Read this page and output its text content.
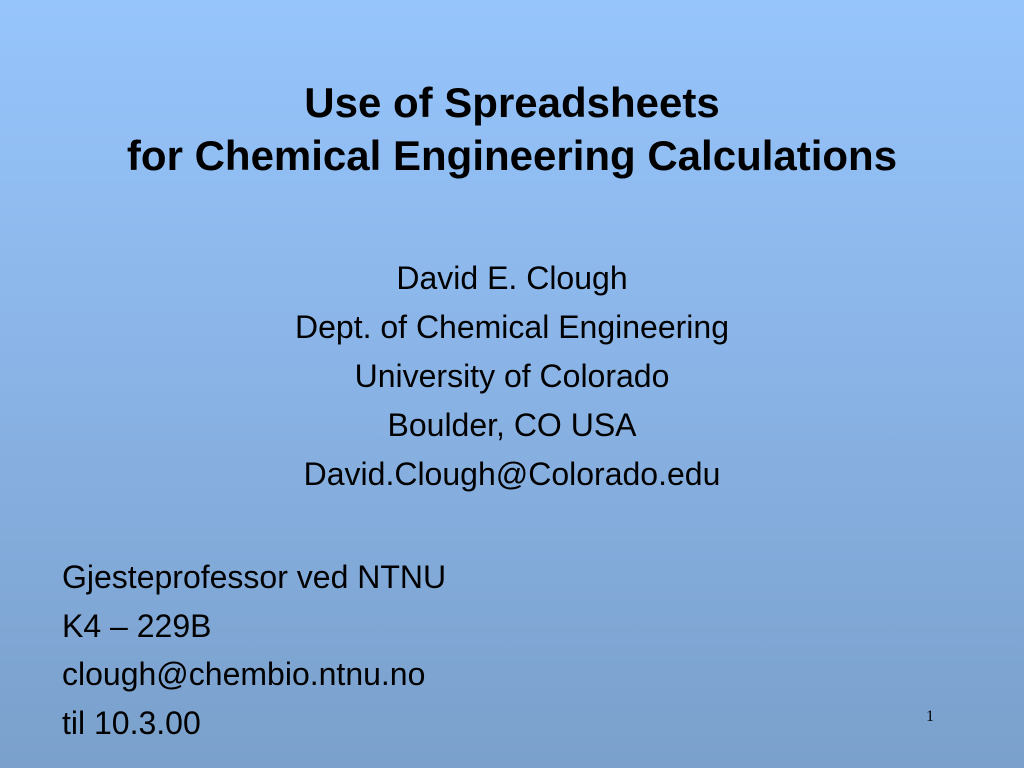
Use of Spreadsheets
for Chemical Engineering Calculations
David E. Clough
Dept. of Chemical Engineering
University of Colorado
Boulder, CO USA
David.Clough@Colorado.edu
Gjesteprofessor ved NTNU
K4 – 229B
clough@chembio.ntnu.no
til 10.3.00	1
